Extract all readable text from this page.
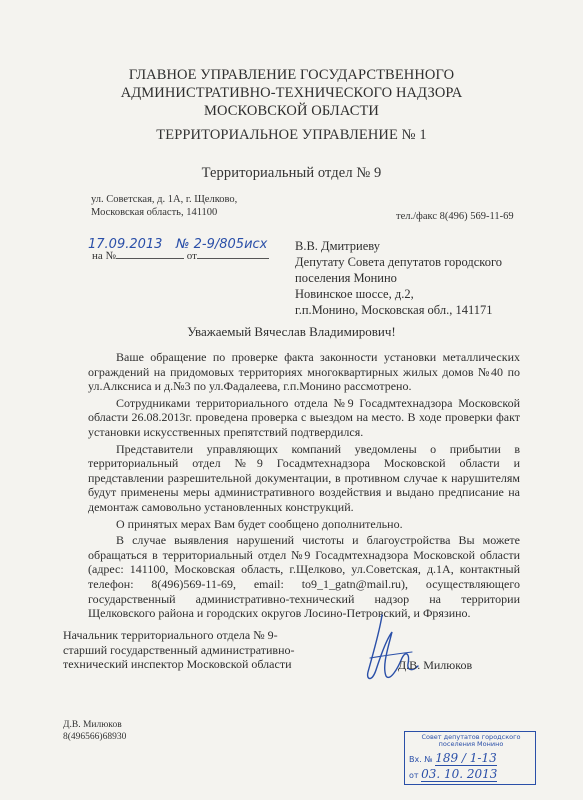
ГЛАВНОЕ УПРАВЛЕНИЕ ГОСУДАРСТВЕННОГО
АДМИНИСТРАТИВНО-ТЕХНИЧЕСКОГО НАДЗОРА
МОСКОВСКОЙ ОБЛАСТИ
ТЕРРИТОРИАЛЬНОЕ УПРАВЛЕНИЕ № 1
Территориальный отдел № 9
ул. Советская, д. 1А, г. Щелково,
Московская область, 141100	тел./факс 8(496) 569-11-69
17.09.2013 № 2-9/805исх
на №	от
В.В. Дмитриеву
Депутату Совета депутатов городского
поселения Монино
Новинское шоссе, д.2,
г.п.Монино, Московская обл., 141171
Уважаемый Вячеслав Владимирович!

Ваше обращение по проверке факта законности установки металлических ограждений на придомовых территориях многоквартирных жилых домов №40 по ул.Алксниса и д.№3 по ул.Фадалеева, г.п.Монино рассмотрено.

Сотрудниками территориального отдела №9 Госадмтехнадзора Московской области 26.08.2013г. проведена проверка с выездом на место. В ходе проверки факт установки искусственных препятствий подтвердился.

Представители управляющих компаний уведомлены о прибытии в территориальный отдел №9 Госадмтехнадзора Московской области и представлении разрешительной документации, в противном случае к нарушителям будут применены меры административного воздействия и выдано предписание на демонтаж самовольно установленных конструкций.

О принятых мерах Вам будет сообщено дополнительно.

В случае выявления нарушений чистоты и благоустройства Вы можете обращаться в территориальный отдел №9 Госадмтехнадзора Московской области (адрес: 141100, Московская область, г.Щелково, ул.Советская, д.1А, контактный телефон: 8(496)569-11-69, email: to9_1_gatn@mail.ru), осуществляющего государственный административно-технический надзор на территории Щелковского района и городских округов Лосино-Петровский, и Фрязино.

Начальник территориального отдела № 9-
старший государственный административно-
технический инспектор Московской области	Д.В. Милюков
Д.В. Милюков
8(496566)68930	Совет депутатов городского
поселения Монино
Вх. № 189 / 1-13
от 03. 10. 2013
